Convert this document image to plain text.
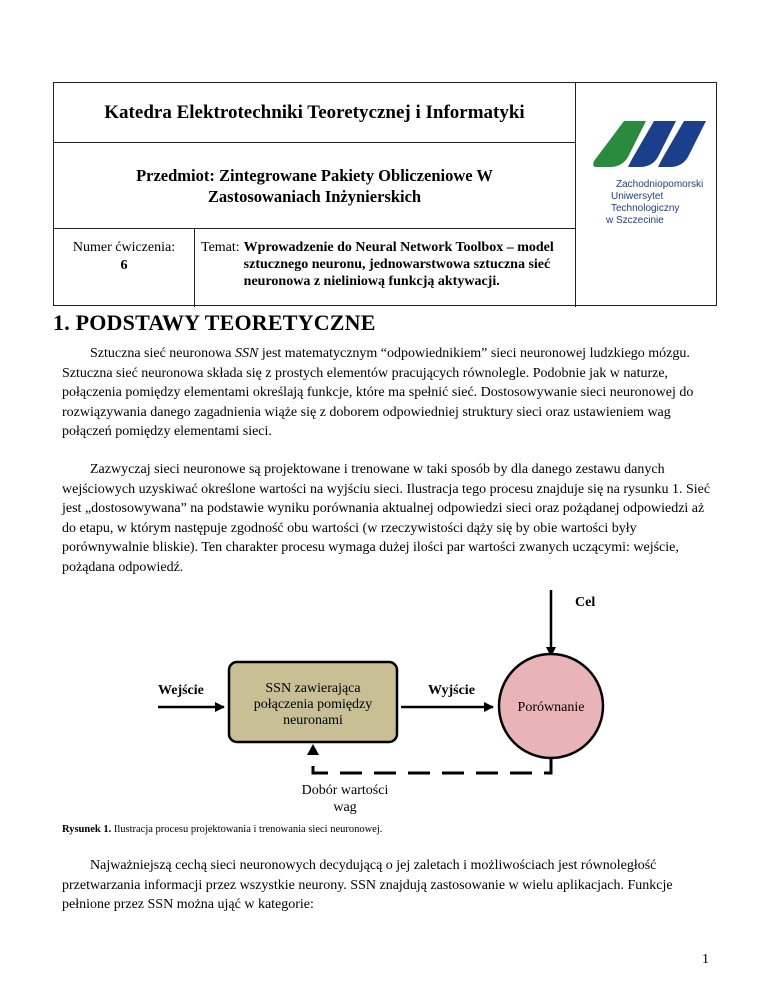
Katedra Elektrotechniki Teoretycznej i Informatyki
Przedmiot: Zintegrowane Pakiety Obliczeniowe W Zastosowaniach Inżynierskich
Numer ćwiczenia:
6
Temat: Wprowadzenie do Neural Network Toolbox – model sztucznego neuronu, jednowarstwowa sztuczna sieć neuronowa z nieliniową funkcją aktywacji.
Zachodniopomorski
Uniwersytet
Technologiczny
w Szczecinie
1. PODSTAWY TEORETYCZNE

Sztuczna sieć neuronowa SSN jest matematycznym “odpowiednikiem” sieci neuronowej ludzkiego mózgu. Sztuczna sieć neuronowa składa się z prostych elementów pracujących równolegle. Podobnie jak w naturze, połączenia pomiędzy elementami określają funkcje, które ma spełnić sieć. Dostosowywanie sieci neuronowej do rozwiązywania danego zagadnienia wiąże się z doborem odpowiedniej struktury sieci oraz ustawieniem wag połączeń pomiędzy elementami sieci.

Zazwyczaj sieci neuronowe są projektowane i trenowane w taki sposób by dla danego zestawu danych wejściowych uzyskiwać określone wartości na wyjściu sieci. Ilustracja tego procesu znajduje się na rysunku 1. Sieć jest „dostosowywana” na podstawie wyniku porównania aktualnej odpowiedzi sieci oraz pożądanej odpowiedzi aż do etapu, w którym następuje zgodność obu wartości (w rzeczywistości dąży się by obie wartości były porównywalnie bliskie). Ten charakter procesu wymaga dużej ilości par wartości zwanych uczącymi: wejście, pożądana odpowiedź.

Cel
Wejście	SSN zawierająca
połączenia pomiędzy
neuronami
Wyjście
Porównanie
Dobór wartości
wag
Rysunek 1. Ilustracja procesu projektowania i trenowania sieci neuronowej.

Najważniejszą cechą sieci neuronowych decydującą o jej zaletach i możliwościach jest równoległość przetwarzania informacji przez wszystkie neurony. SSN znajdują zastosowanie w wielu aplikacjach. Funkcje pełnione przez SSN można ująć w kategorie:

1
